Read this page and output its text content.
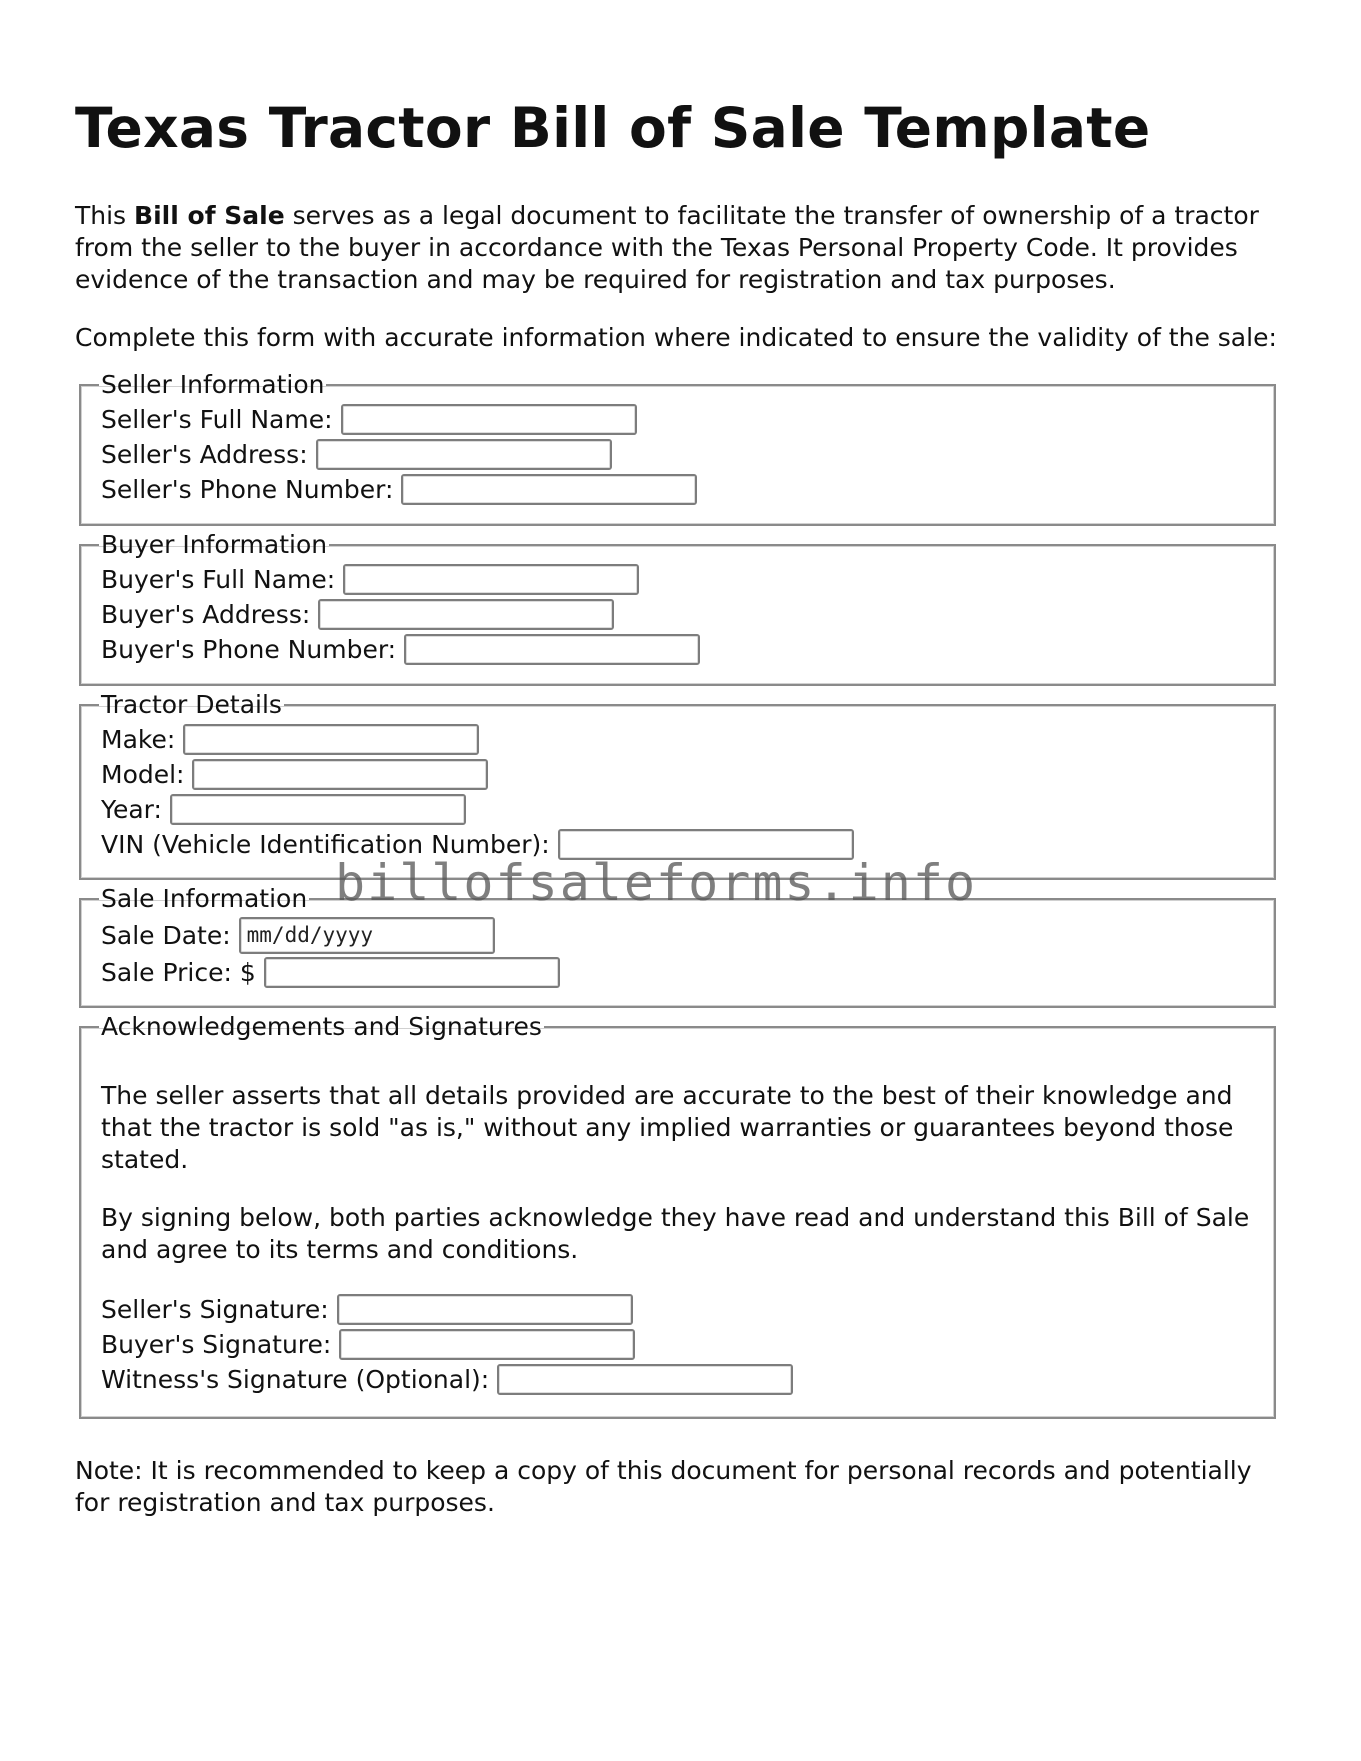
Texas Tractor Bill of Sale Template

This Bill of Sale serves as a legal document to facilitate the transfer of ownership of a tractor from the seller to the buyer in accordance with the Texas Personal Property Code. It provides evidence of the transaction and may be required for registration and tax purposes.

Complete this form with accurate information where indicated to ensure the validity of the sale:

Seller Information
Seller's Full Name:
Seller's Address:
Seller's Phone Number:
Buyer Information
Buyer's Full Name:
Buyer's Address:
Buyer's Phone Number:
Tractor Details
Make:
Model:
Year:
VIN (Vehicle Identification Number):
Sale Information
Sale Date: mm/dd/yyyy
Sale Price: $
Acknowledgements and Signatures

The seller asserts that all details provided are accurate to the best of their knowledge and that the tractor is sold "as is," without any implied warranties or guarantees beyond those stated.

By signing below, both parties acknowledge they have read and understand this Bill of Sale and agree to its terms and conditions.

Seller's Signature:
Buyer's Signature:
Witness's Signature (Optional):

Note: It is recommended to keep a copy of this document for personal records and potentially for registration and tax purposes.

billofsaleforms.info
